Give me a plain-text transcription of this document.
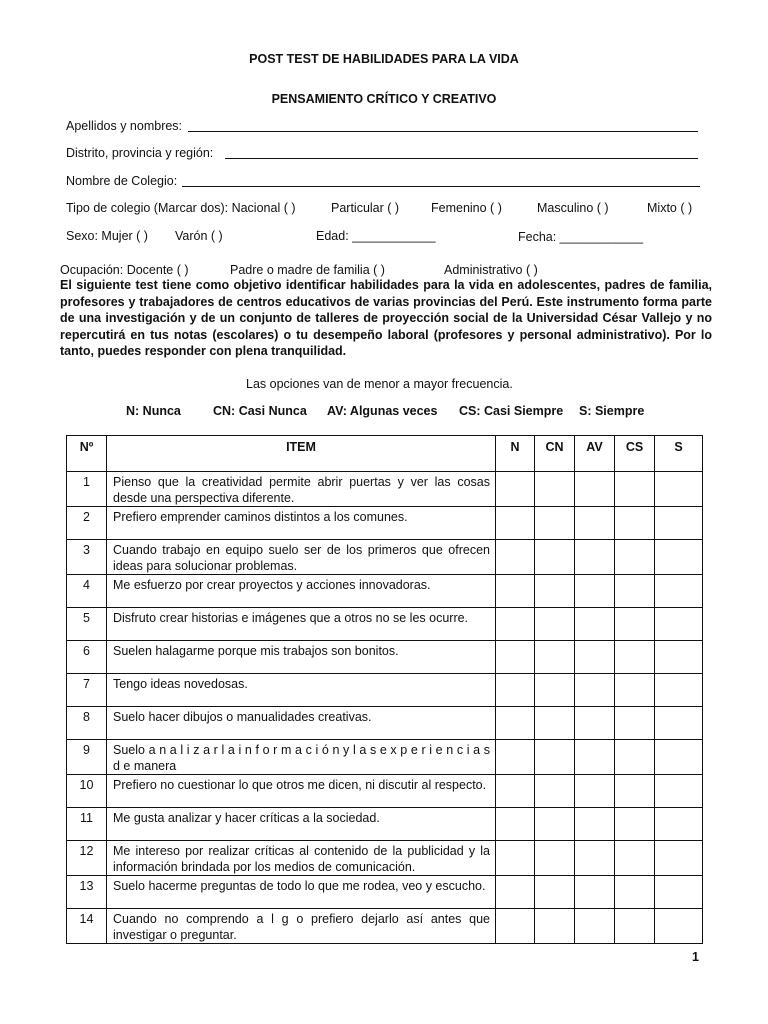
POST TEST DE HABILIDADES PARA LA VIDA
PENSAMIENTO CRÍTICO Y CREATIVO
Apellidos y nombres:
Distrito, provincia y región:
Nombre de Colegio:
Tipo de colegio (Marcar dos): Nacional ( )	Particular ( )	Femenino ( )	Masculino ( )	Mixto ( )
Sexo: Mujer ( ) Varón ( )	Edad: ____________	Fecha: ____________
Ocupación: Docente ( )	Padre o madre de familia ( )	Administrativo ( )
El siguiente test tiene como objetivo identificar habilidades para la vida en adolescentes, padres de familia, profesores y trabajadores de centros educativos de varias provincias del Perú. Este instrumento forma parte de una investigación y de un conjunto de talleres de proyección social de la Universidad César Vallejo y no repercutirá en tus notas (escolares) o tu desempeño laboral (profesores y personal administrativo). Por lo tanto, puedes responder con plena tranquilidad.
Las opciones van de menor a mayor frecuencia.
N: Nunca	CN: Casi Nunca AV: Algunas veces CS: Casi Siempre S: Siempre
Nº	ITEM	N	CN	AV	CS	S
1	Pienso que la creatividad permite abrir puertas y ver las cosas desde una perspectiva diferente.					
2	Prefiero emprender caminos distintos a los comunes.					
3	Cuando trabajo en equipo suelo ser de los primeros que ofrecen ideas para solucionar problemas.					
4	Me esfuerzo por crear proyectos y acciones innovadoras.					
5	Disfruto crear historias e imágenes que a otros no se les ocurre.					
6	Suelen halagarme porque mis trabajos son bonitos.					
7	Tengo ideas novedosas.					
8	Suelo hacer dibujos o manualidades creativas.					
9	Suelo a n a l i z a r l a i n f o r m a c i ó n y l a s e x p e r i e n c i a s d e manera					
10	Prefiero no cuestionar lo que otros me dicen, ni discutir al respecto.					
11	Me gusta analizar y hacer críticas a la sociedad.					
12	Me intereso por realizar críticas al contenido de la publicidad y la información brindada por los medios de comunicación.					
13	Suelo hacerme preguntas de todo lo que me rodea, veo y escucho.					
14	Cuando no comprendo a l g o prefiero dejarlo así antes que investigar o preguntar.					
1
